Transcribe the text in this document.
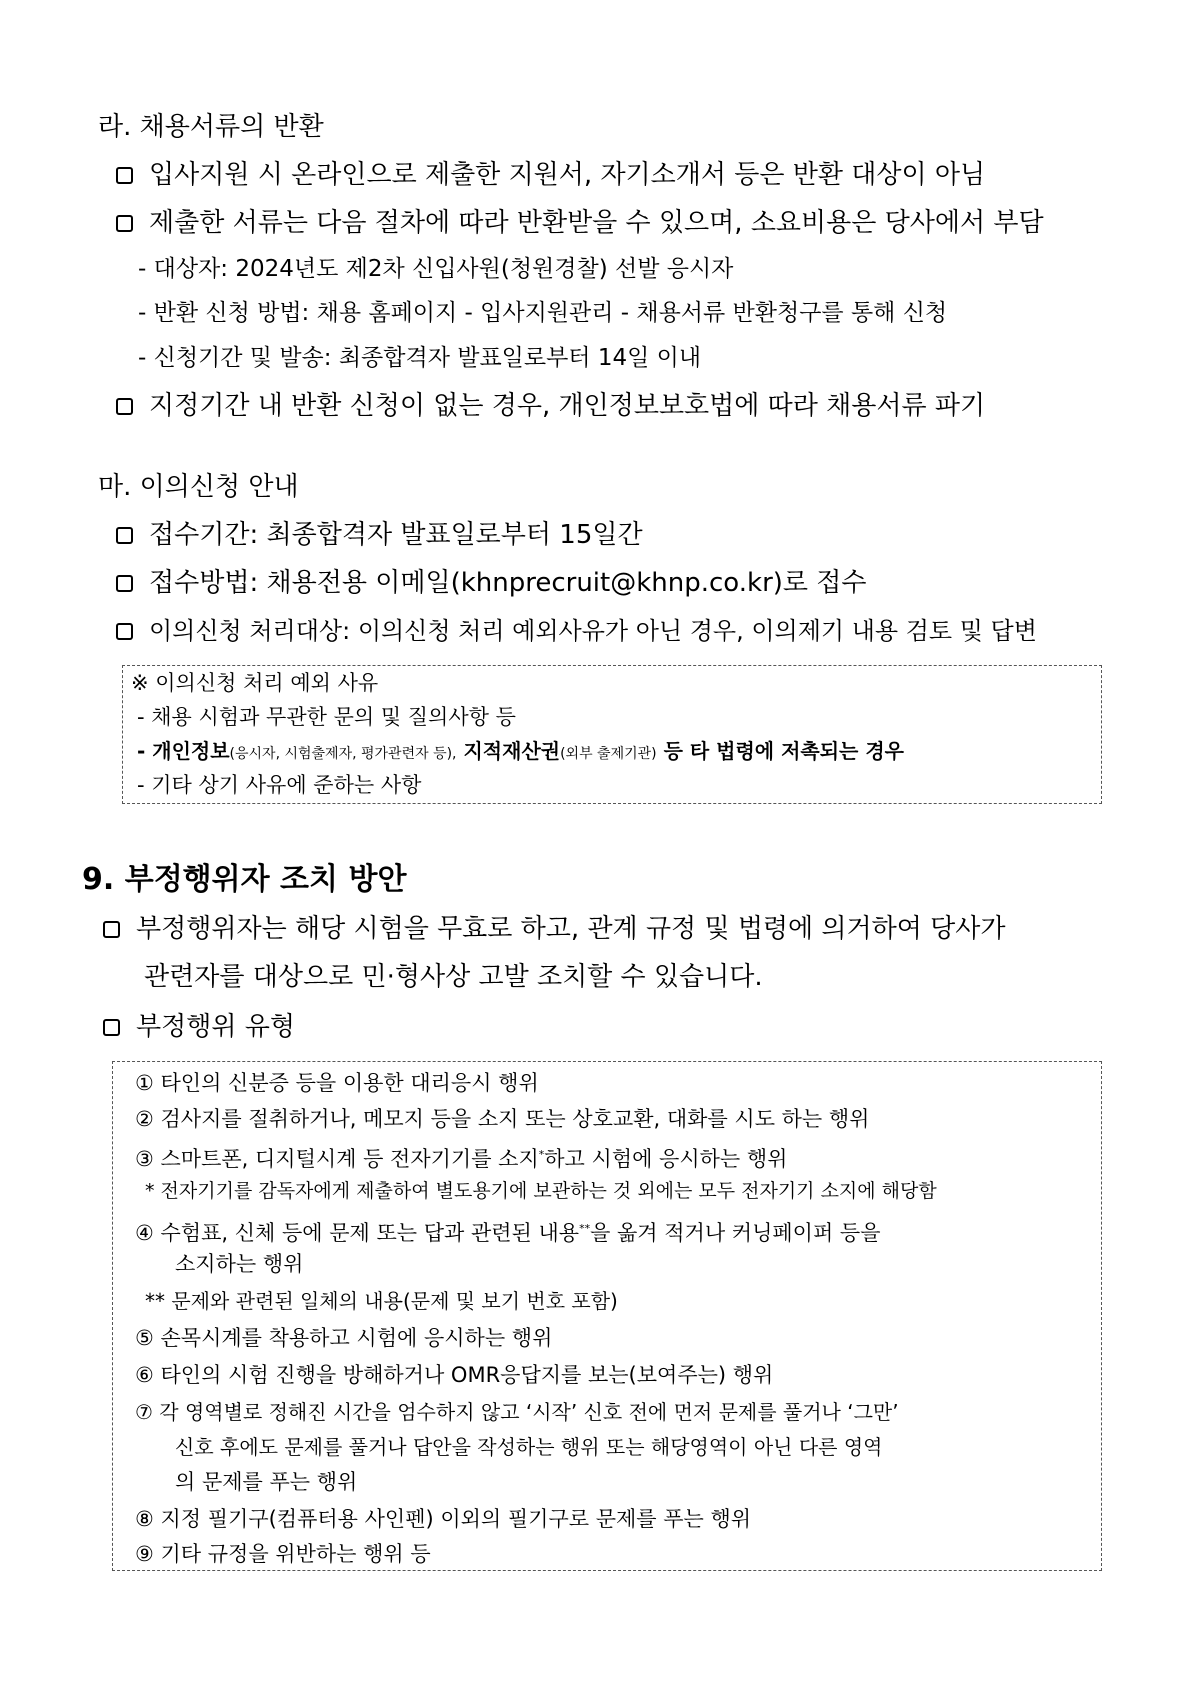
라. 채용서류의 반환
입사지원 시 온라인으로 제출한 지원서, 자기소개서 등은 반환 대상이 아님
제출한 서류는 다음 절차에 따라 반환받을 수 있으며, 소요비용은 당사에서 부담
- 대상자: 2024년도 제2차 신입사원(청원경찰) 선발 응시자
- 반환 신청 방법: 채용 홈페이지 - 입사지원관리 - 채용서류 반환청구를 통해 신청
- 신청기간 및 발송: 최종합격자 발표일로부터 14일 이내
지정기간 내 반환 신청이 없는 경우, 개인정보보호법에 따라 채용서류 파기
마. 이의신청 안내
접수기간: 최종합격자 발표일로부터 15일간
접수방법: 채용전용 이메일(khnprecruit@khnp.co.kr)로 접수
이의신청 처리대상: 이의신청 처리 예외사유가 아닌 경우, 이의제기 내용 검토 및 답변
※ 이의신청 처리 예외 사유
- 채용 시험과 무관한 문의 및 질의사항 등
- 개인정보(응시자, 시험출제자, 평가관련자 등), 지적재산권(외부 출제기관) 등 타 법령에 저촉되는 경우
- 기타 상기 사유에 준하는 사항
9. 부정행위자 조치 방안
부정행위자는 해당 시험을 무효로 하고, 관계 규정 및 법령에 의거하여 당사가
관련자를 대상으로 민·형사상 고발 조치할 수 있습니다.
부정행위 유형
① 타인의 신분증 등을 이용한 대리응시 행위
② 검사지를 절취하거나, 메모지 등을 소지 또는 상호교환, 대화를 시도 하는 행위
③ 스마트폰, 디지털시계 등 전자기기를 소지*하고 시험에 응시하는 행위
* 전자기기를 감독자에게 제출하여 별도용기에 보관하는 것 외에는 모두 전자기기 소지에 해당함
④ 수험표, 신체 등에 문제 또는 답과 관련된 내용**을 옮겨 적거나 커닝페이퍼 등을
소지하는 행위
** 문제와 관련된 일체의 내용(문제 및 보기 번호 포함)
⑤ 손목시계를 착용하고 시험에 응시하는 행위
⑥ 타인의 시험 진행을 방해하거나 OMR응답지를 보는(보여주는) 행위
⑦ 각 영역별로 정해진 시간을 엄수하지 않고 ‘시작’ 신호 전에 먼저 문제를 풀거나 ‘그만’
신호 후에도 문제를 풀거나 답안을 작성하는 행위 또는 해당영역이 아닌 다른 영역
의 문제를 푸는 행위
⑧ 지정 필기구(컴퓨터용 사인펜) 이외의 필기구로 문제를 푸는 행위
⑨ 기타 규정을 위반하는 행위 등
